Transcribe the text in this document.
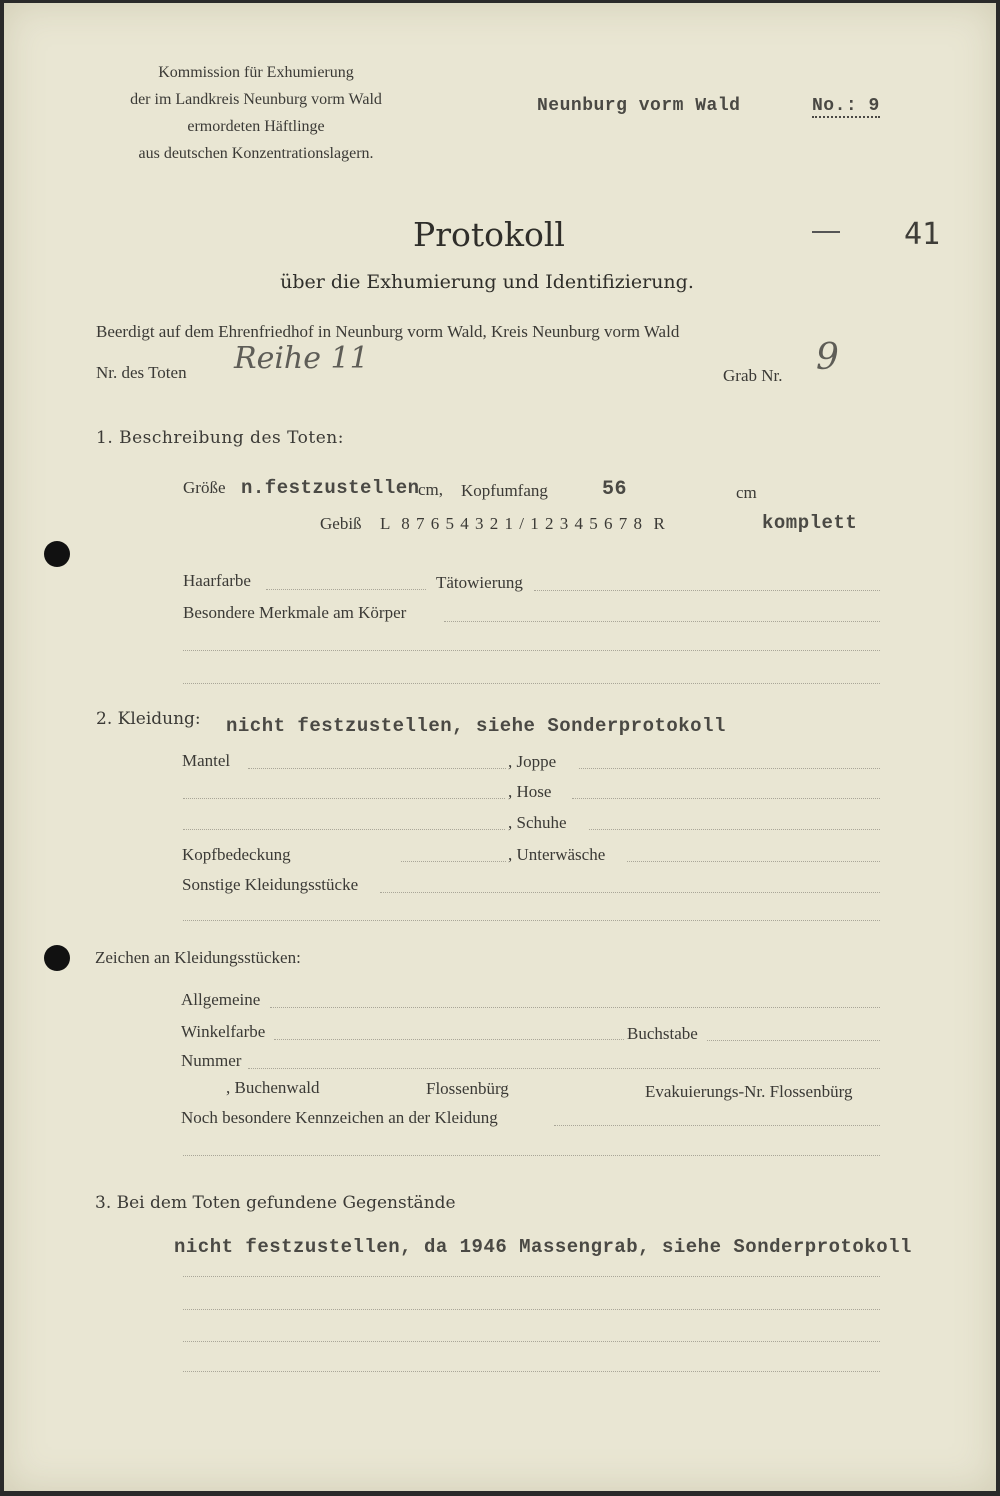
Kommission für Exhumierung
der im Landkreis Neunburg vorm Wald
ermordeten Häftlinge
aus deutschen Konzentrationslagern.
Neunburg vorm Wald	No.: 9
41
Protokoll
über die Exhumierung und Identifizierung.
Beerdigt auf dem Ehrenfriedhof in Neunburg vorm Wald, Kreis Neunburg vorm Wald
Nr. des Toten Reihe 11	Grab Nr. 9
1. Beschreibung des Toten:
Größe n.festzustellen
cm, Kopfumfang	56	cm
Gebiß L  8 7 6 5 4 3 2 1 / 1 2 3 4 5 6 7 8  R	komplett
Haarfarbe	Tätowierung
Besondere Merkmale am Körper
2. Kleidung: nicht festzustellen, siehe Sonderprotokoll
Mantel	, Joppe
, Hose
, Schuhe
Kopfbedeckung	, Unterwäsche
Sonstige Kleidungsstücke
Zeichen an Kleidungsstücken:
Allgemeine
Winkelfarbe	Buchstabe
Nummer
, Buchenwald	Flossenbürg	Evakuierungs-Nr. Flossenbürg
Noch besondere Kennzeichen an der Kleidung
3. Bei dem Toten gefundene Gegenstände
nicht festzustellen, da 1946 Massengrab, siehe Sonderprotokoll
